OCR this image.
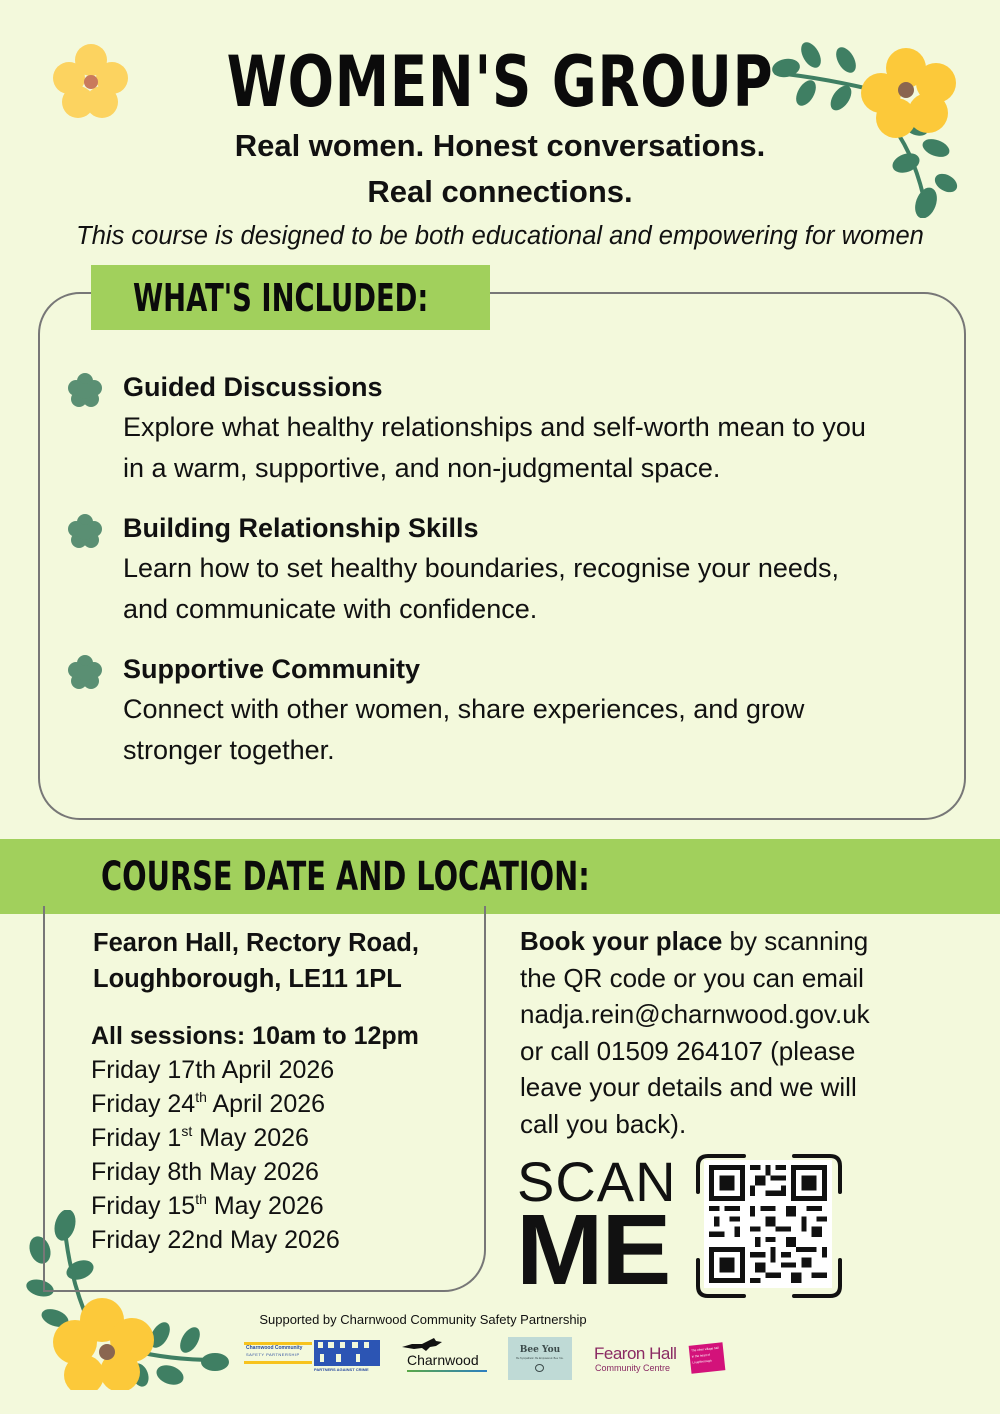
WOMEN'S GROUP
Real women. Honest conversations.
Real connections.
This course is designed to be both educational and empowering for women
WHAT'S INCLUDED:
Guided Discussions
Explore what healthy relationships and self-worth mean to you
in a warm, supportive, and non-judgmental space.
Building Relationship Skills
Learn how to set healthy boundaries, recognise your needs,
and communicate with confidence.
Supportive Community
Connect with other women, share experiences, and grow
stronger together.
COURSE DATE AND LOCATION:
Fearon Hall, Rectory Road,
Loughborough, LE11 1PL
All sessions: 10am to 12pm
Friday 17th April 2026
Friday 24th April 2026
Friday 1st May 2026
Friday 8th May 2026
Friday 15th May 2026
Friday 22nd May 2026
Book your place by scanning
the QR code or you can email
nadja.rein@charnwood.gov.uk
or call 01509 264107 (please
leave your details and we will
call you back).
SCAN
ME
Supported by Charnwood Community Safety Partnership
Charnwood Community
SAFETY PARTNERSHIP
PARTNERS AGAINST CRIME
Charnwood
Bee You
Be Sympathetic. Be Empowered. Bee You.	Fearon Hall
Community Centre
The other village hall in the heart of Loughborough
